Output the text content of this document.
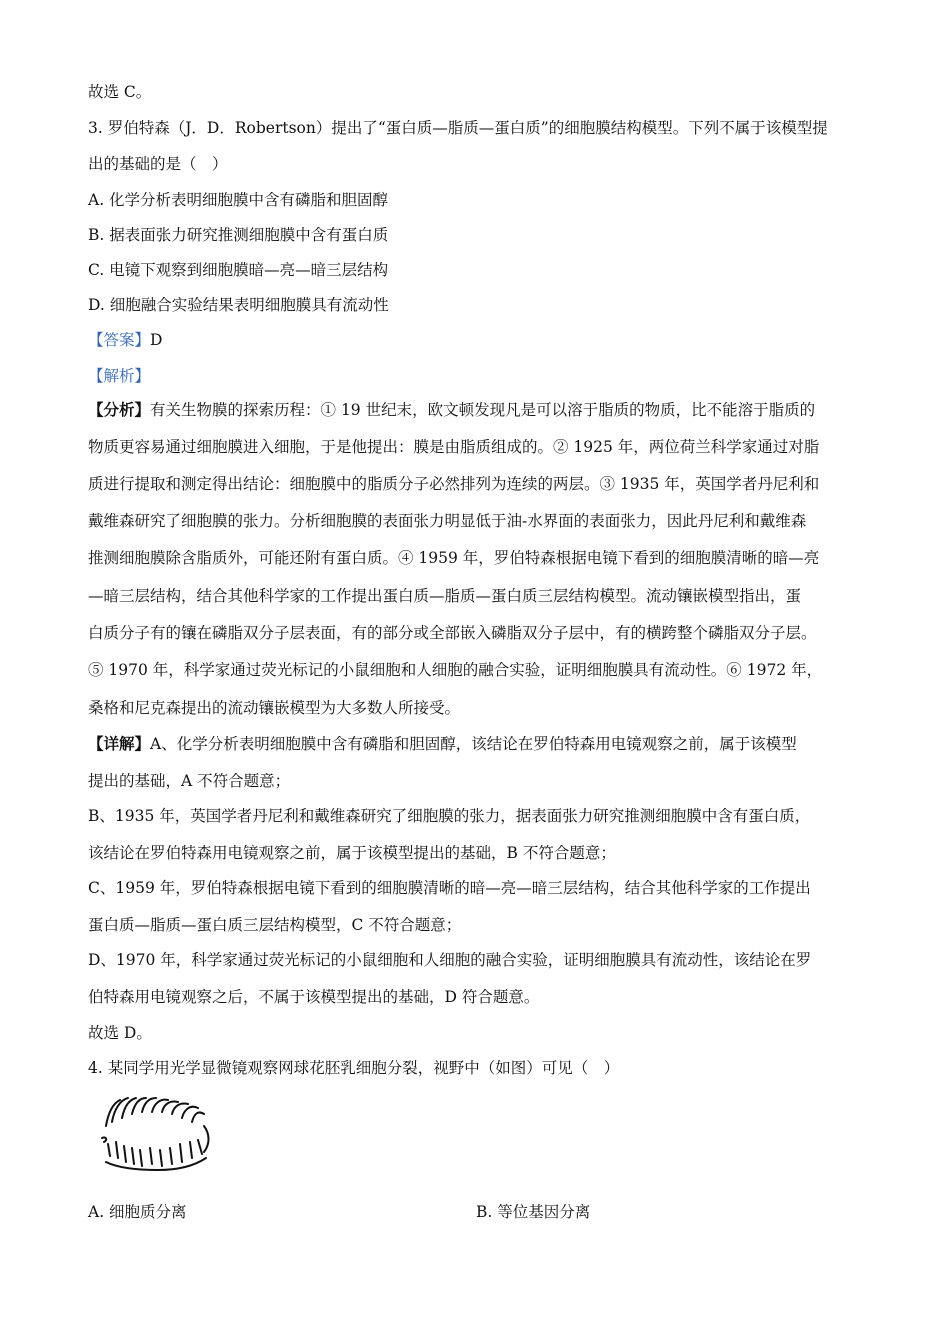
故选 C。
3. 罗伯特森（J．D．Robertson）提出了“蛋白质—脂质—蛋白质”的细胞膜结构模型。下列不属于该模型提
出的基础的是（　）
A. 化学分析表明细胞膜中含有磷脂和胆固醇
B. 据表面张力研究推测细胞膜中含有蛋白质
C. 电镜下观察到细胞膜暗—亮—暗三层结构
D. 细胞融合实验结果表明细胞膜具有流动性
【答案】D
【解析】
【分析】有关生物膜的探索历程：① 19 世纪末，欧文顿发现凡是可以溶于脂质的物质，比不能溶于脂质的
物质更容易通过细胞膜进入细胞，于是他提出：膜是由脂质组成的。② 1925 年，两位荷兰科学家通过对脂
质进行提取和测定得出结论：细胞膜中的脂质分子必然排列为连续的两层。③ 1935 年，英国学者丹尼利和
戴维森研究了细胞膜的张力。分析细胞膜的表面张力明显低于油-水界面的表面张力，因此丹尼利和戴维森
推测细胞膜除含脂质外，可能还附有蛋白质。④ 1959 年，罗伯特森根据电镜下看到的细胞膜清晰的暗—亮
—暗三层结构，结合其他科学家的工作提出蛋白质—脂质—蛋白质三层结构模型。流动镶嵌模型指出，蛋
白质分子有的镶在磷脂双分子层表面，有的部分或全部嵌入磷脂双分子层中，有的横跨整个磷脂双分子层。
⑤ 1970 年，科学家通过荧光标记的小鼠细胞和人细胞的融合实验，证明细胞膜具有流动性。⑥ 1972 年，
桑格和尼克森提出的流动镶嵌模型为大多数人所接受。
【详解】A、化学分析表明细胞膜中含有磷脂和胆固醇，该结论在罗伯特森用电镜观察之前，属于该模型
提出的基础，A 不符合题意；
B、1935 年，英国学者丹尼利和戴维森研究了细胞膜的张力，据表面张力研究推测细胞膜中含有蛋白质，
该结论在罗伯特森用电镜观察之前，属于该模型提出的基础，B 不符合题意；
C、1959 年，罗伯特森根据电镜下看到的细胞膜清晰的暗—亮—暗三层结构，结合其他科学家的工作提出
蛋白质—脂质—蛋白质三层结构模型，C 不符合题意；
D、1970 年，科学家通过荧光标记的小鼠细胞和人细胞的融合实验，证明细胞膜具有流动性，该结论在罗
伯特森用电镜观察之后，不属于该模型提出的基础，D 符合题意。
故选 D。
4. 某同学用光学显微镜观察网球花胚乳细胞分裂，视野中（如图）可见（　）
A. 细胞质分离	B. 等位基因分离
